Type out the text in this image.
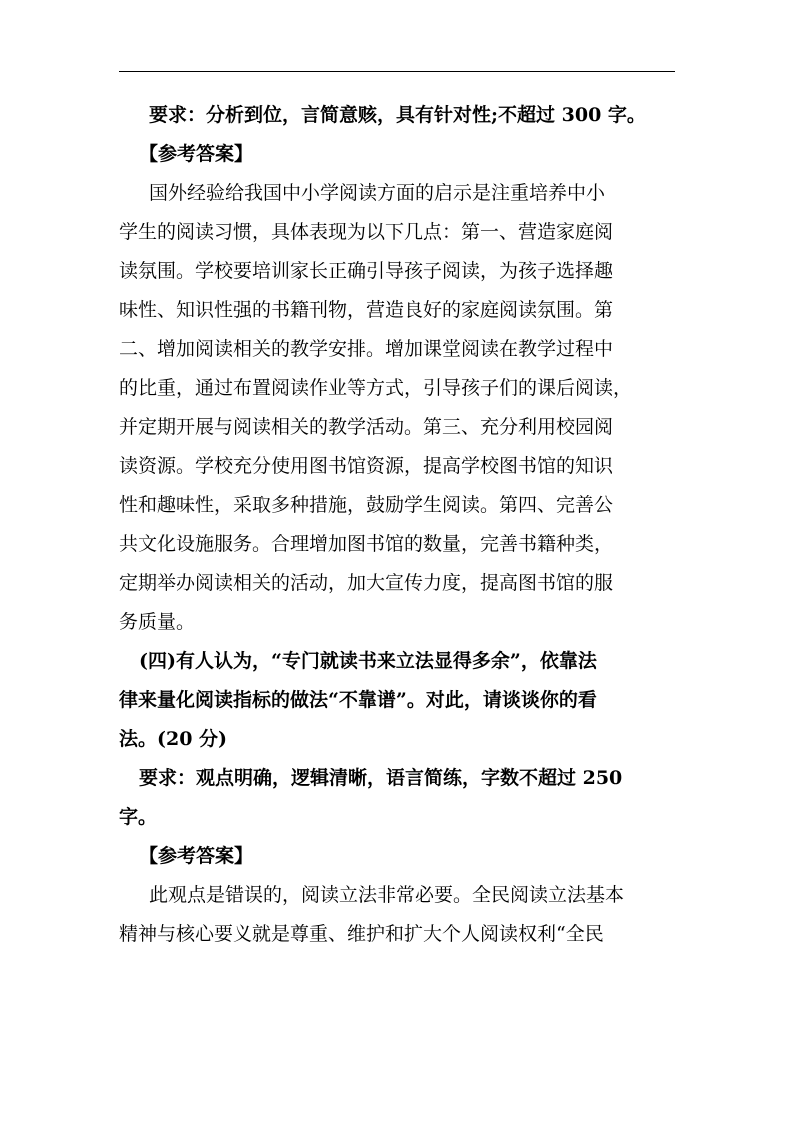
要求：分析到位，言简意赅，具有针对性;不超过 300 字。
【参考答案】
国外经验给我国中小学阅读方面的启示是注重培养中小
学生的阅读习惯，具体表现为以下几点：第一、营造家庭阅
读氛围。学校要培训家长正确引导孩子阅读，为孩子选择趣
味性、知识性强的书籍刊物，营造良好的家庭阅读氛围。第
二、增加阅读相关的教学安排。增加课堂阅读在教学过程中
的比重，通过布置阅读作业等方式，引导孩子们的课后阅读，
并定期开展与阅读相关的教学活动。第三、充分利用校园阅
读资源。学校充分使用图书馆资源，提高学校图书馆的知识
性和趣味性，采取多种措施，鼓励学生阅读。第四、完善公
共文化设施服务。合理增加图书馆的数量，完善书籍种类，
定期举办阅读相关的活动，加大宣传力度，提高图书馆的服
务质量。
(四)有人认为，“专门就读书来立法显得多余”，依靠法
律来量化阅读指标的做法“不靠谱”。对此，请谈谈你的看
法。(20 分)
要求：观点明确，逻辑清晰，语言简练，字数不超过 250
字。
【参考答案】
此观点是错误的，阅读立法非常必要。全民阅读立法基本
精神与核心要义就是尊重、维护和扩大个人阅读权利“全民
